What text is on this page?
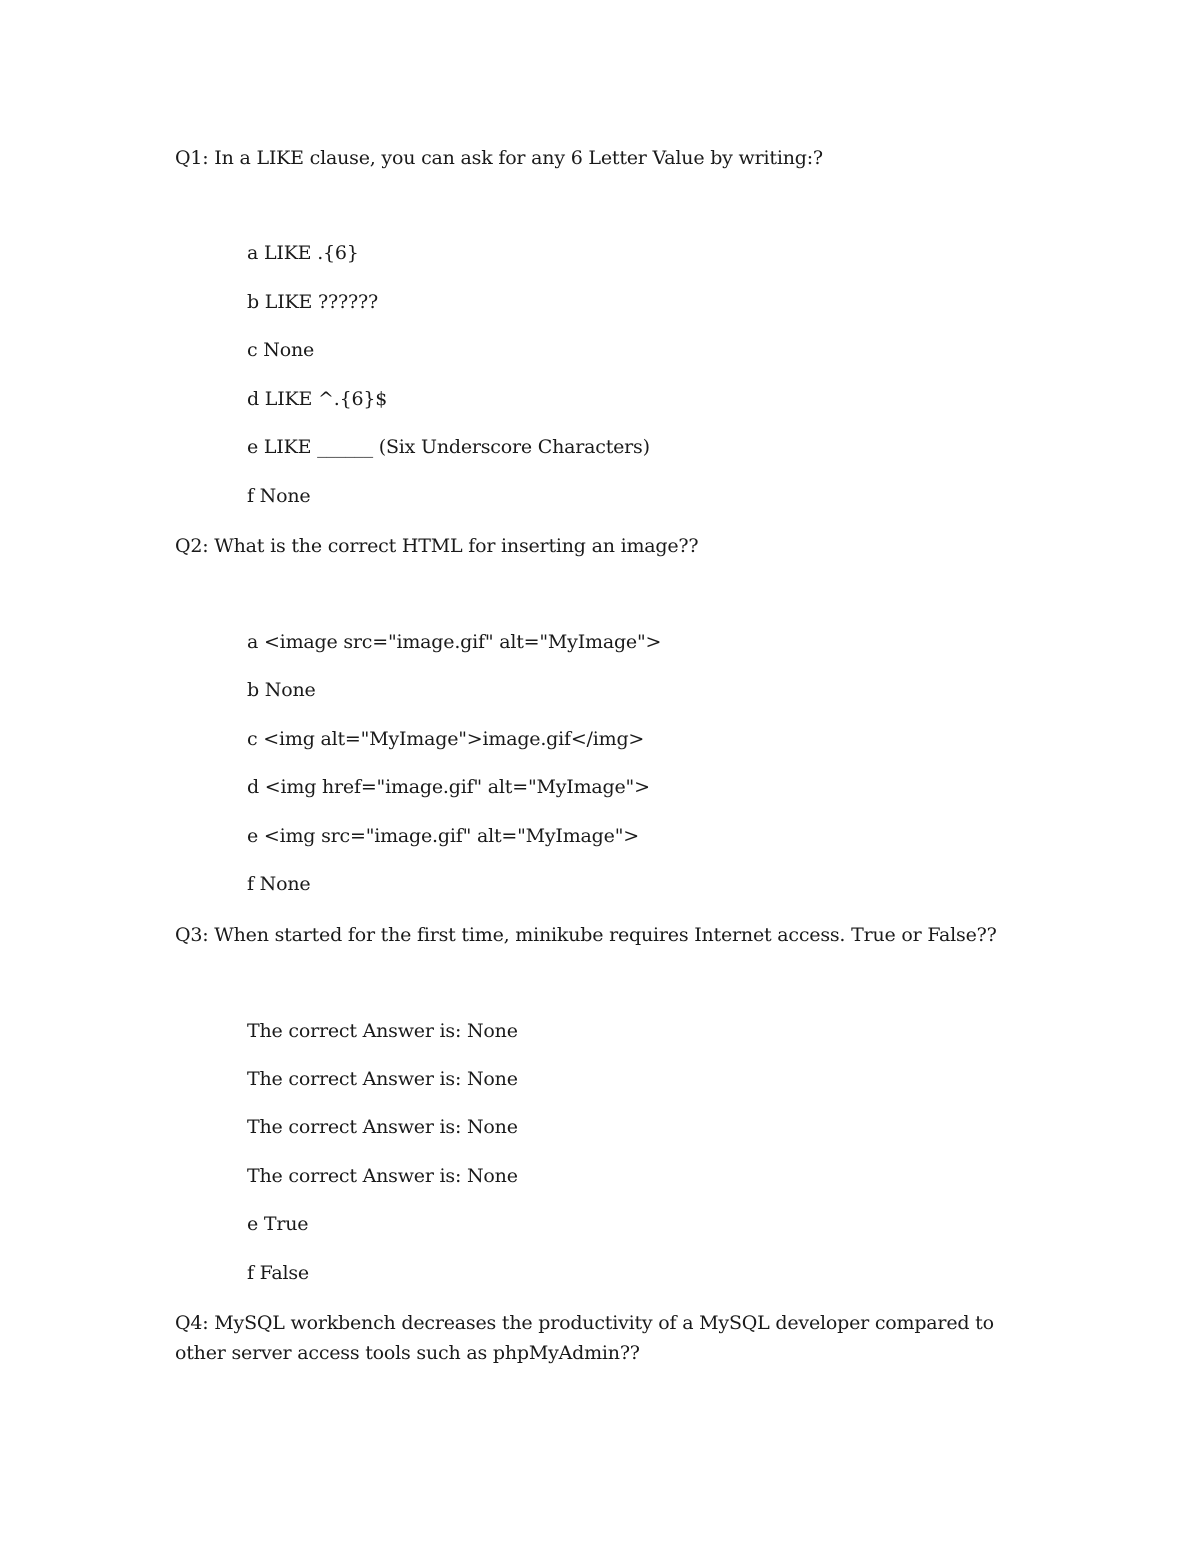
Q1: In a LIKE clause, you can ask for any 6 Letter Value by writing:?
a LIKE .{6}
b LIKE ??????
c None
d LIKE ^.{6}$
e LIKE ______ (Six Underscore Characters)
f None
Q2: What is the correct HTML for inserting an image??
a <image src="image.gif" alt="MyImage">
b None
c <img alt="MyImage">image.gif</img>
d <img href="image.gif" alt="MyImage">
e <img src="image.gif" alt="MyImage">
f None
Q3: When started for the first time, minikube requires Internet access. True or False??
The correct Answer is: None
The correct Answer is: None
The correct Answer is: None
The correct Answer is: None
e True
f False
Q4: MySQL workbench decreases the productivity of a MySQL developer compared to other server access tools such as phpMyAdmin??
